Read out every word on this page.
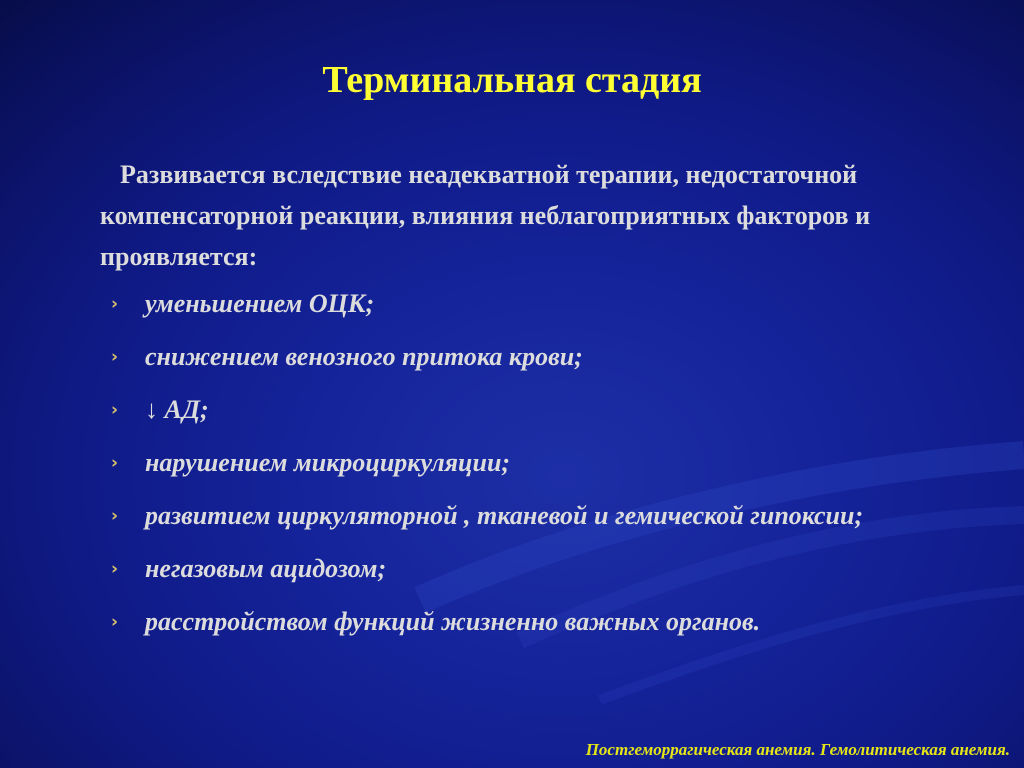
Терминальная стадия

Развивается вследствие неадекватной терапии, недостаточной компенсаторной реакции, влияния неблагоприятных факторов и проявляется:

› уменьшением ОЦК;
› снижением венозного притока крови;
› ↓ АД;
› нарушением микроциркуляции;
› развитием циркуляторной , тканевой и гемической гипоксии;
› негазовым ацидозом;
› расстройством функций жизненно важных органов.

Постгеморрагическая анемия. Гемолитическая анемия.
